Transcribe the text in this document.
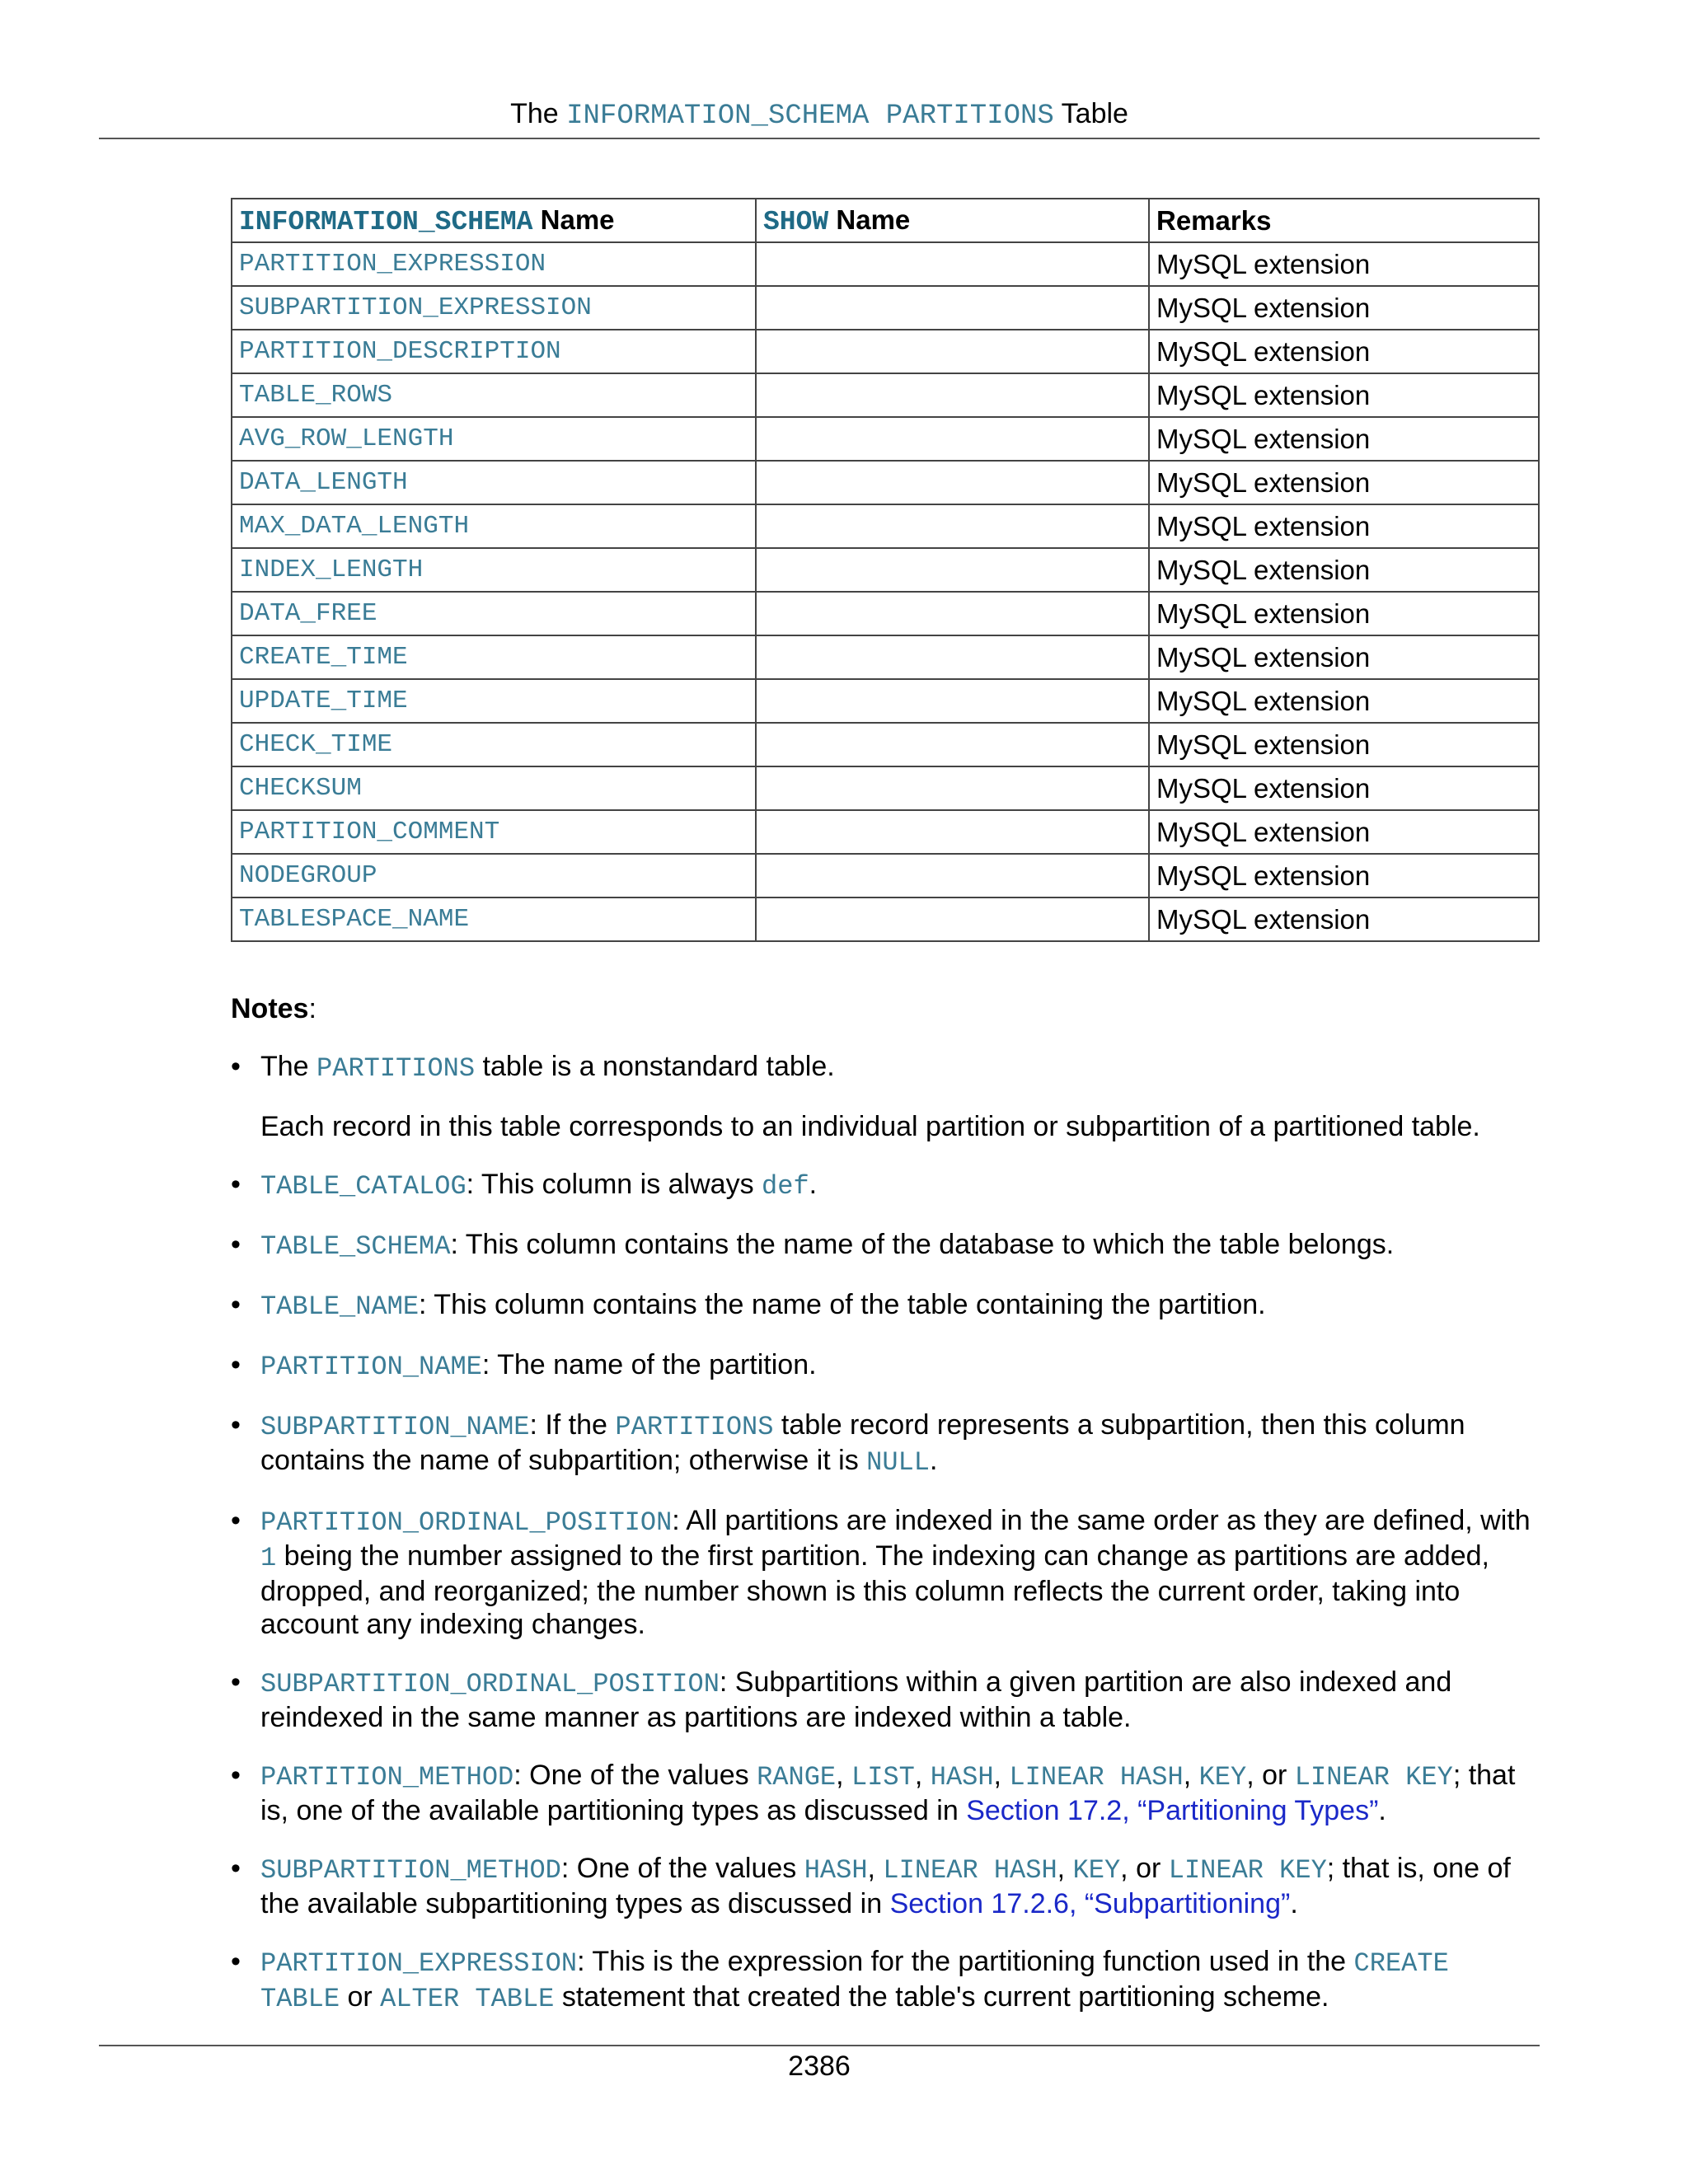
The INFORMATION_SCHEMA PARTITIONS Table
INFORMATION_SCHEMA Name	SHOW Name	Remarks
PARTITION_EXPRESSION		MySQL extension
SUBPARTITION_EXPRESSION		MySQL extension
PARTITION_DESCRIPTION		MySQL extension
TABLE_ROWS		MySQL extension
AVG_ROW_LENGTH		MySQL extension
DATA_LENGTH		MySQL extension
MAX_DATA_LENGTH		MySQL extension
INDEX_LENGTH		MySQL extension
DATA_FREE		MySQL extension
CREATE_TIME		MySQL extension
UPDATE_TIME		MySQL extension
CHECK_TIME		MySQL extension
CHECKSUM		MySQL extension
PARTITION_COMMENT		MySQL extension
NODEGROUP		MySQL extension
TABLESPACE_NAME		MySQL extension
Notes:
• The PARTITIONS table is a nonstandard table.
Each record in this table corresponds to an individual partition or subpartition of a partitioned table.
• TABLE_CATALOG: This column is always def.
• TABLE_SCHEMA: This column contains the name of the database to which the table belongs.
• TABLE_NAME: This column contains the name of the table containing the partition.
• PARTITION_NAME: The name of the partition.
• SUBPARTITION_NAME: If the PARTITIONS table record represents a subpartition, then this column contains the name of subpartition; otherwise it is NULL.
• PARTITION_ORDINAL_POSITION: All partitions are indexed in the same order as they are defined, with 1 being the number assigned to the first partition. The indexing can change as partitions are added, dropped, and reorganized; the number shown is this column reflects the current order, taking into account any indexing changes.
• SUBPARTITION_ORDINAL_POSITION: Subpartitions within a given partition are also indexed and reindexed in the same manner as partitions are indexed within a table.
• PARTITION_METHOD: One of the values RANGE, LIST, HASH, LINEAR HASH, KEY, or LINEAR KEY; that is, one of the available partitioning types as discussed in Section 17.2, “Partitioning Types”.
• SUBPARTITION_METHOD: One of the values HASH, LINEAR HASH, KEY, or LINEAR KEY; that is, one of the available subpartitioning types as discussed in Section 17.2.6, “Subpartitioning”.
• PARTITION_EXPRESSION: This is the expression for the partitioning function used in the CREATE TABLE or ALTER TABLE statement that created the table's current partitioning scheme.
2386
